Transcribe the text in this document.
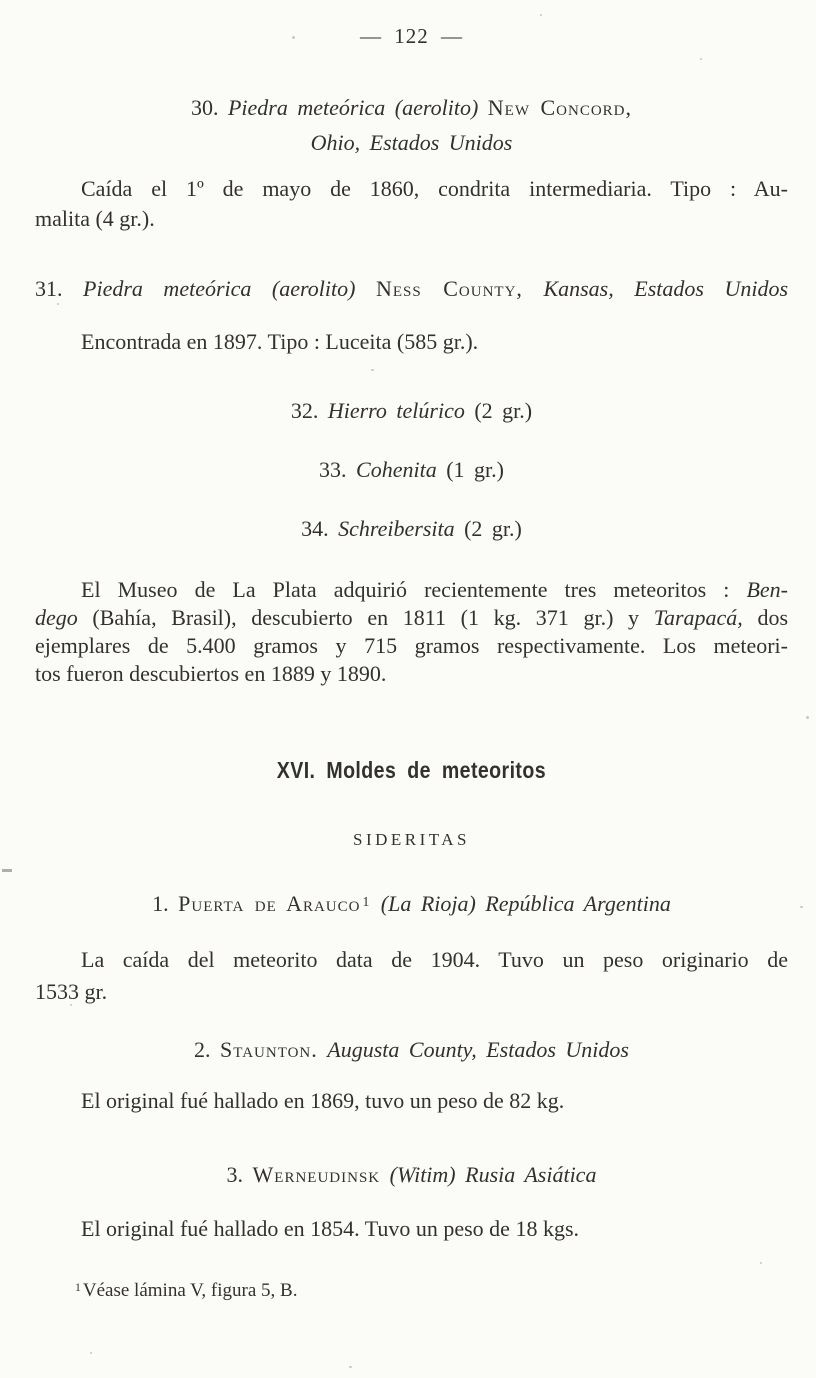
— 122 —
30. Piedra meteórica (aerolito) New Concord,
Ohio, Estados Unidos
Caída el 1º de mayo de 1860, condrita intermediaria. Tipo : Au-
malita (4 gr.).
31. Piedra meteórica (aerolito) Ness County, Kansas, Estados Unidos
Encontrada en 1897. Tipo : Luceita (585 gr.).
32. Hierro telúrico (2 gr.)
33. Cohenita (1 gr.)
34. Schreibersita (2 gr.)
El Museo de La Plata adquirió recientemente tres meteoritos : Ben-
dego (Bahía, Brasil), descubierto en 1811 (1 kg. 371 gr.) y Tarapacá, dos
ejemplares de 5.400 gramos y 715 gramos respectivamente. Los meteori-
tos fueron descubiertos en 1889 y 1890.
XVI. Moldes de meteoritos
SIDERITAS
1. Puerta de Arauco $^1$ (La Rioja) República Argentina
La caída del meteorito data de 1904. Tuvo un peso originario de
1533 gr.
2. Staunton. Augusta County, Estados Unidos
El original fué hallado en 1869, tuvo un peso de 82 kg.
3. Werneudinsk (Witim) Rusia Asiática
El original fué hallado en 1854. Tuvo un peso de 18 kgs.
$^1$ Véase lámina V, figura 5, B.
